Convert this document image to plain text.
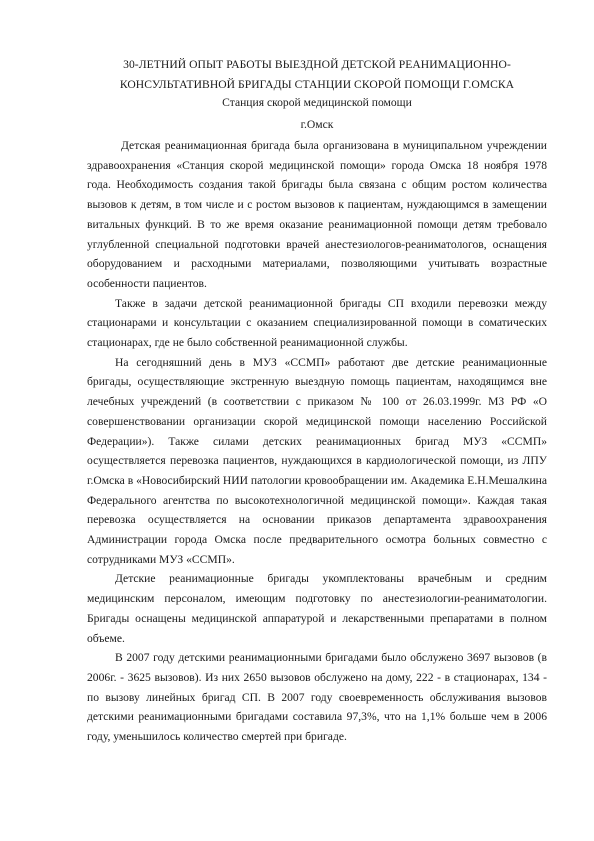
30-ЛЕТНИЙ ОПЫТ РАБОТЫ ВЫЕЗДНОЙ ДЕТСКОЙ РЕАНИМАЦИОННО-

КОНСУЛЬТАТИВНОЙ БРИГАДЫ СТАНЦИИ СКОРОЙ ПОМОЩИ Г.ОМСКА

Станция скорой медицинской помощи

г.Омск

Детская реанимационная бригада была организована в муниципальном учреждении здравоохранения «Станция скорой медицинской помощи» города Омска 18 ноября 1978 года. Необходимость создания такой бригады была связана с общим ростом количества вызовов к детям, в том числе и с ростом вызовов к пациентам, нуждающимся в замещении витальных функций. В то же время оказание реанимационной помощи детям требовало углубленной специальной подготовки врачей анестезиологов-реаниматологов, оснащения оборудованием и расходными материалами, позволяющими учитывать возрастные особенности пациентов.

Также в задачи детской реанимационной бригады СП входили перевозки между стационарами и консультации с оказанием специализированной помощи в соматических стационарах, где не было собственной реанимационной службы.

На сегодняшний день в МУЗ «ССМП» работают две детские реанимационные бригады, осуществляющие экстренную выездную помощь пациентам, находящимся вне лечебных учреждений (в соответствии с приказом № 100 от 26.03.1999г. МЗ РФ «О совершенствовании организации скорой медицинской помощи населению Российской Федерации»). Также силами детских реанимационных бригад МУЗ «ССМП» осуществляется перевозка пациентов, нуждающихся в кардиологической помощи, из ЛПУ г.Омска в «Новосибирский НИИ патологии кровообращении им. Академика Е.Н.Мешалкина Федерального агентства по высокотехнологичной медицинской помощи». Каждая такая перевозка осуществляется на основании приказов департамента здравоохранения Администрации города Омска после предварительного осмотра больных совместно с сотрудниками МУЗ «ССМП».

Детские реанимационные бригады укомплектованы врачебным и средним медицинским персоналом, имеющим подготовку по анестезиологии-реаниматологии. Бригады оснащены медицинской аппаратурой и лекарственными препаратами в полном объеме.

В 2007 году детскими реанимационными бригадами было обслужено 3697 вызовов (в 2006г. - 3625 вызовов). Из них 2650 вызовов обслужено на дому, 222 - в стационарах, 134 - по вызову линейных бригад СП. В 2007 году своевременность обслуживания вызовов детскими реанимационными бригадами составила 97,3%, что на 1,1% больше чем в 2006 году, уменьшилось количество смертей при бригаде.
